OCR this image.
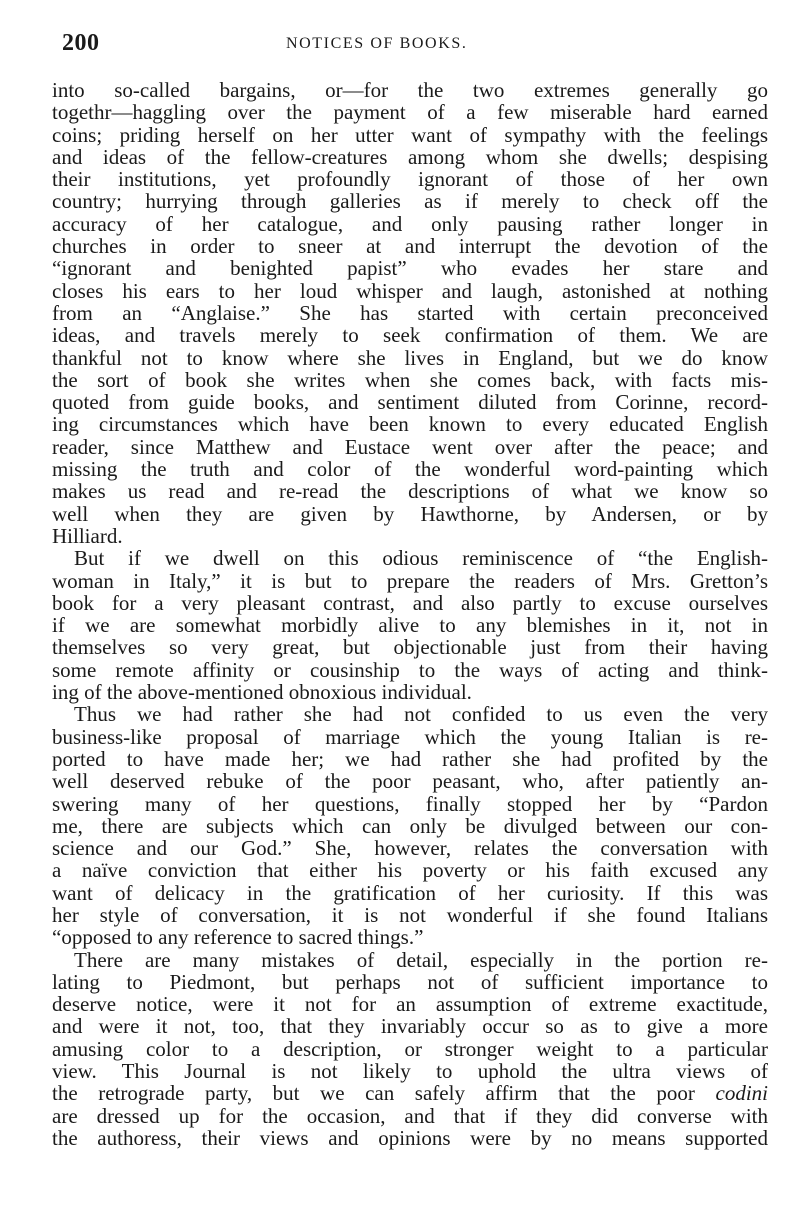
200	NOTICES OF BOOKS.
into so-called bargains, or—for the two extremes generally go
togethr—haggling over the payment of a few miserable hard earned
coins; priding herself on her utter want of sympathy with the feelings
and ideas of the fellow-creatures among whom she dwells; despising
their institutions, yet profoundly ignorant of those of her own
country; hurrying through galleries as if merely to check off the
accuracy of her catalogue, and only pausing rather longer in
churches in order to sneer at and interrupt the devotion of the
“ignorant and benighted papist” who evades her stare and
closes his ears to her loud whisper and laugh, astonished at nothing
from an “Anglaise.” She has started with certain preconceived
ideas, and travels merely to seek confirmation of them. We are
thankful not to know where she lives in England, but we do know
the sort of book she writes when she comes back, with facts mis-
quoted from guide books, and sentiment diluted from Corinne, record-
ing circumstances which have been known to every educated English
reader, since Matthew and Eustace went over after the peace; and
missing the truth and color of the wonderful word-painting which
makes us read and re-read the descriptions of what we know so
well when they are given by Hawthorne, by Andersen, or by
Hilliard.
But if we dwell on this odious reminiscence of “the English-
woman in Italy,” it is but to prepare the readers of Mrs. Gretton’s
book for a very pleasant contrast, and also partly to excuse ourselves
if we are somewhat morbidly alive to any blemishes in it, not in
themselves so very great, but objectionable just from their having
some remote affinity or cousinship to the ways of acting and think-
ing of the above-mentioned obnoxious individual.
Thus we had rather she had not confided to us even the very
business-like proposal of marriage which the young Italian is re-
ported to have made her; we had rather she had profited by the
well deserved rebuke of the poor peasant, who, after patiently an-
swering many of her questions, finally stopped her by “Pardon
me, there are subjects which can only be divulged between our con-
science and our God.” She, however, relates the conversation with
a naïve conviction that either his poverty or his faith excused any
want of delicacy in the gratification of her curiosity. If this was
her style of conversation, it is not wonderful if she found Italians
“opposed to any reference to sacred things.”
There are many mistakes of detail, especially in the portion re-
lating to Piedmont, but perhaps not of sufficient importance to
deserve notice, were it not for an assumption of extreme exactitude,
and were it not, too, that they invariably occur so as to give a more
amusing color to a description, or stronger weight to a particular
view. This Journal is not likely to uphold the ultra views of
the retrograde party, but we can safely affirm that the poor codini
are dressed up for the occasion, and that if they did converse with
the authoress, their views and opinions were by no means supported
